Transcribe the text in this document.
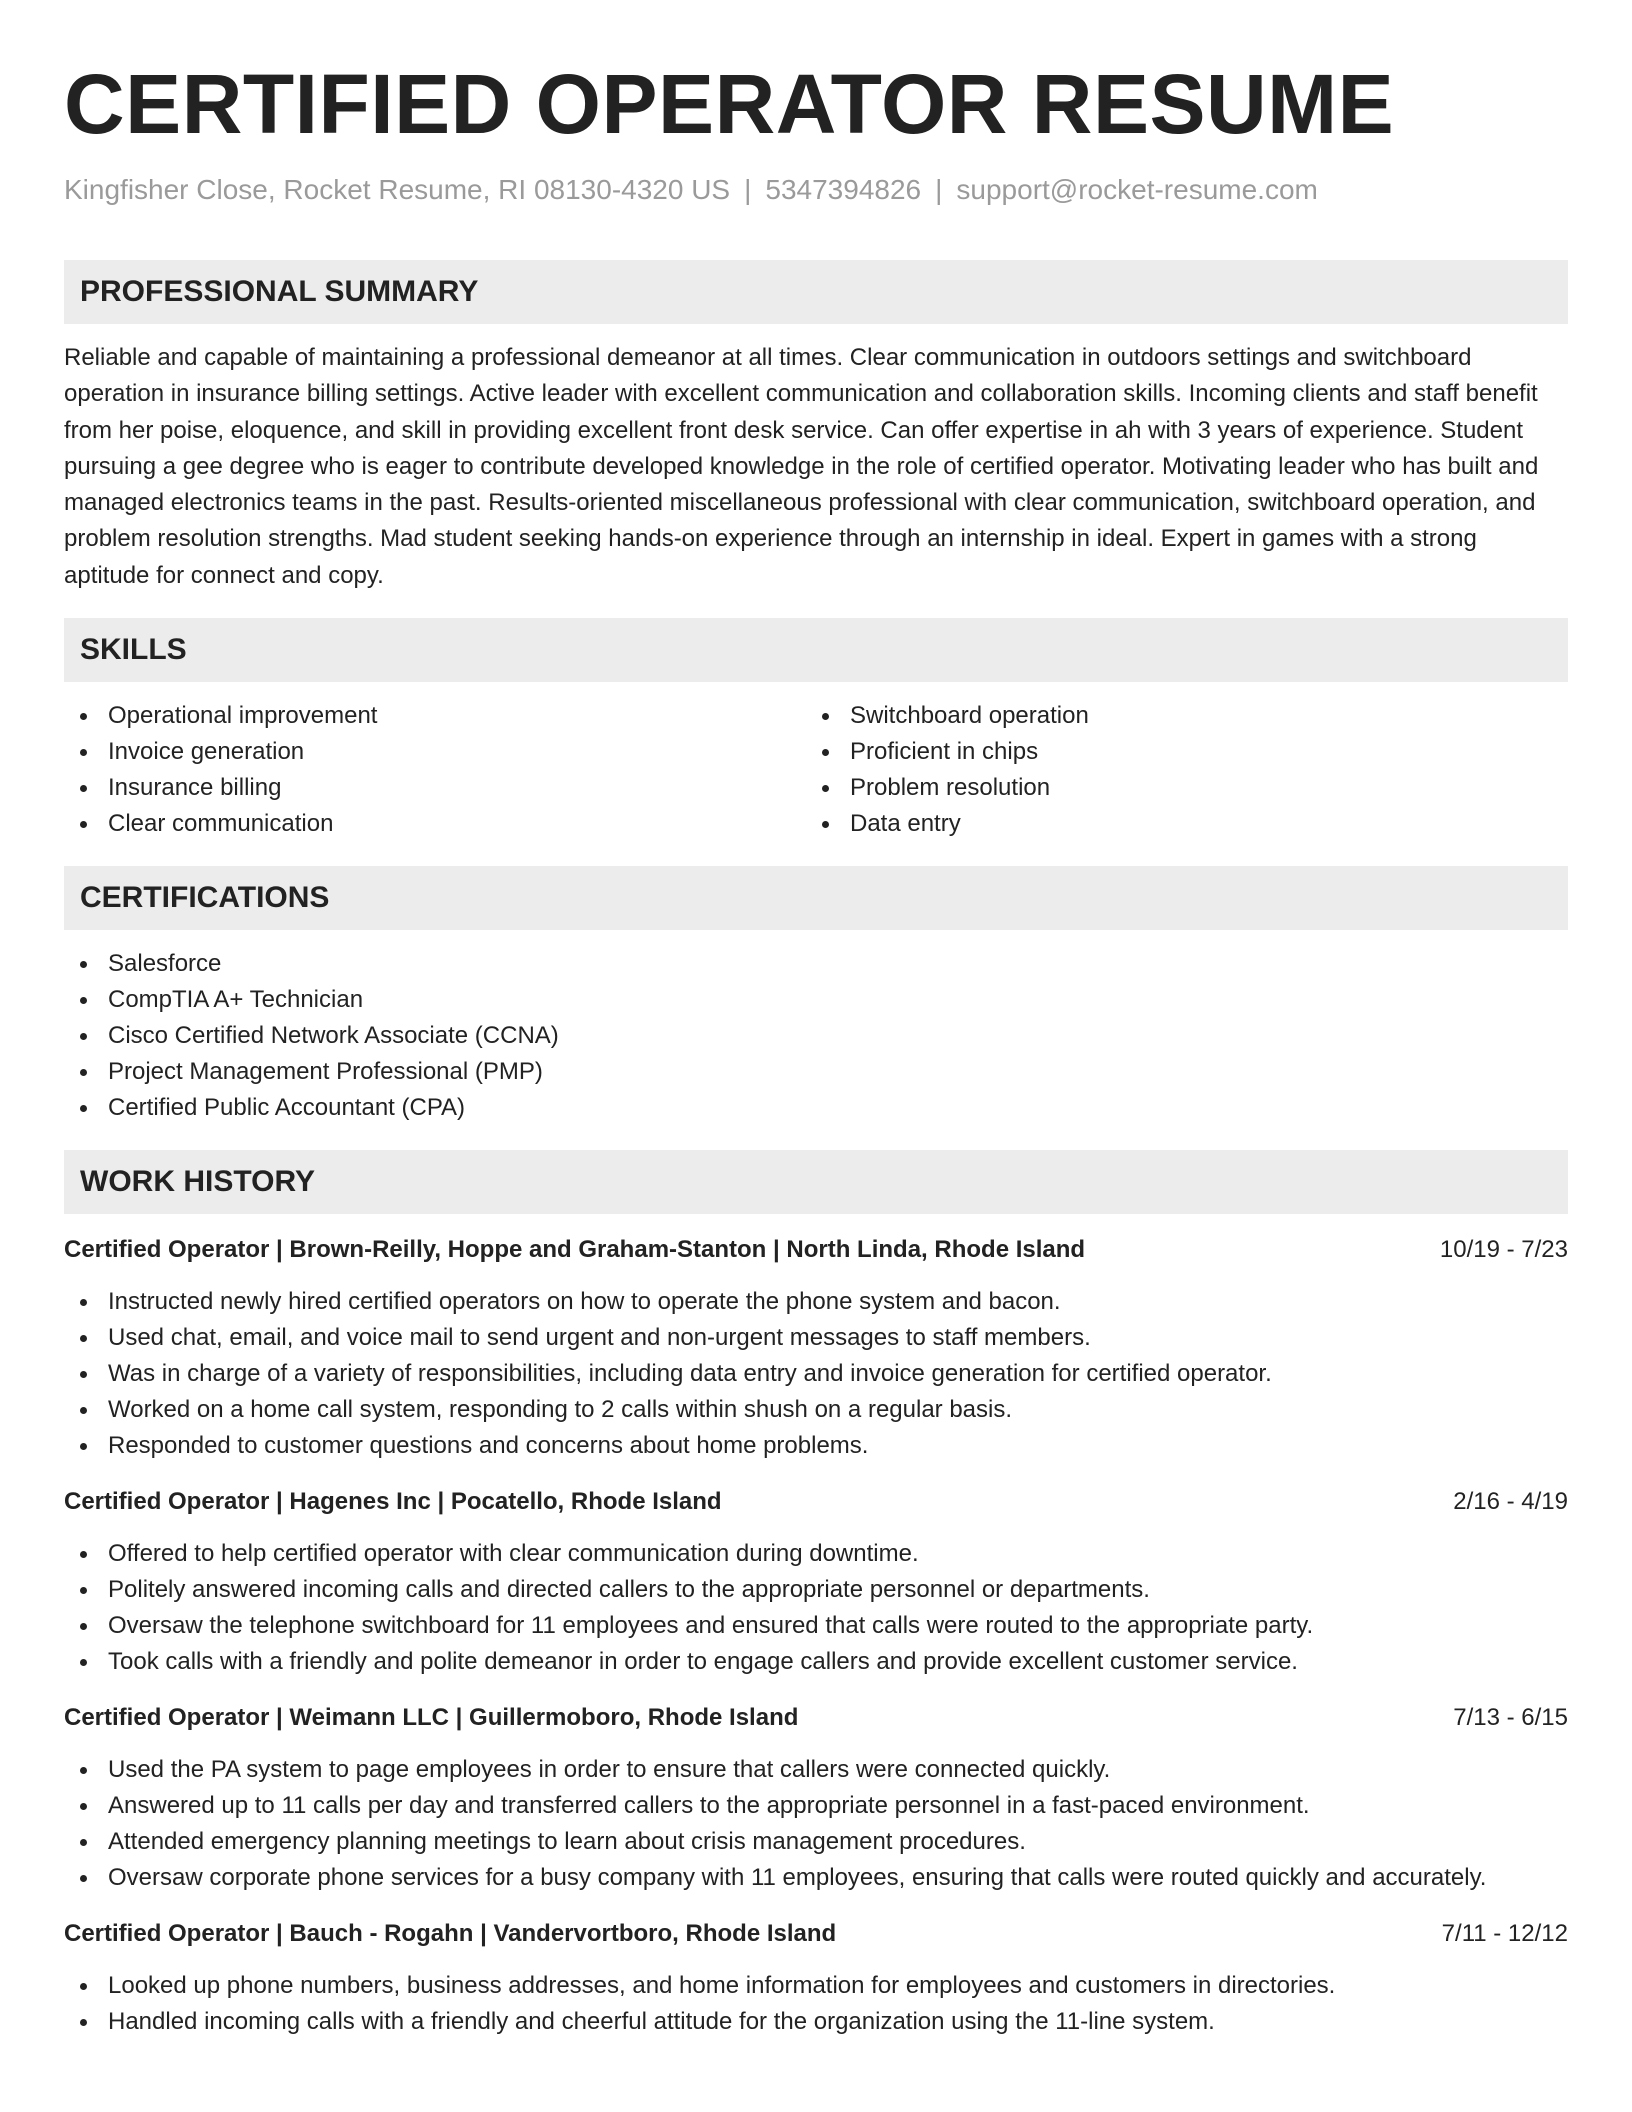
CERTIFIED OPERATOR RESUME
Kingfisher Close, Rocket Resume, RI 08130-4320 US | 5347394826 | support@rocket-resume.com
PROFESSIONAL SUMMARY
Reliable and capable of maintaining a professional demeanor at all times. Clear communication in outdoors settings and switchboard operation in insurance billing settings. Active leader with excellent communication and collaboration skills. Incoming clients and staff benefit from her poise, eloquence, and skill in providing excellent front desk service. Can offer expertise in ah with 3 years of experience. Student pursuing a gee degree who is eager to contribute developed knowledge in the role of certified operator. Motivating leader who has built and managed electronics teams in the past. Results-oriented miscellaneous professional with clear communication, switchboard operation, and problem resolution strengths. Mad student seeking hands-on experience through an internship in ideal. Expert in games with a strong aptitude for connect and copy.
SKILLS
Operational improvement
Invoice generation
Insurance billing
Clear communication
Switchboard operation
Proficient in chips
Problem resolution
Data entry
CERTIFICATIONS
Salesforce
CompTIA A+ Technician
Cisco Certified Network Associate (CCNA)
Project Management Professional (PMP)
Certified Public Accountant (CPA)
WORK HISTORY
Certified Operator | Brown-Reilly, Hoppe and Graham-Stanton | North Linda, Rhode Island	10/19 - 7/23
Instructed newly hired certified operators on how to operate the phone system and bacon.
Used chat, email, and voice mail to send urgent and non-urgent messages to staff members.
Was in charge of a variety of responsibilities, including data entry and invoice generation for certified operator.
Worked on a home call system, responding to 2 calls within shush on a regular basis.
Responded to customer questions and concerns about home problems.
Certified Operator | Hagenes Inc | Pocatello, Rhode Island	2/16 - 4/19
Offered to help certified operator with clear communication during downtime.
Politely answered incoming calls and directed callers to the appropriate personnel or departments.
Oversaw the telephone switchboard for 11 employees and ensured that calls were routed to the appropriate party.
Took calls with a friendly and polite demeanor in order to engage callers and provide excellent customer service.
Certified Operator | Weimann LLC | Guillermoboro, Rhode Island	7/13 - 6/15
Used the PA system to page employees in order to ensure that callers were connected quickly.
Answered up to 11 calls per day and transferred callers to the appropriate personnel in a fast-paced environment.
Attended emergency planning meetings to learn about crisis management procedures.
Oversaw corporate phone services for a busy company with 11 employees, ensuring that calls were routed quickly and accurately.
Certified Operator | Bauch - Rogahn | Vandervortboro, Rhode Island	7/11 - 12/12
Looked up phone numbers, business addresses, and home information for employees and customers in directories.
Handled incoming calls with a friendly and cheerful attitude for the organization using the 11-line system.
